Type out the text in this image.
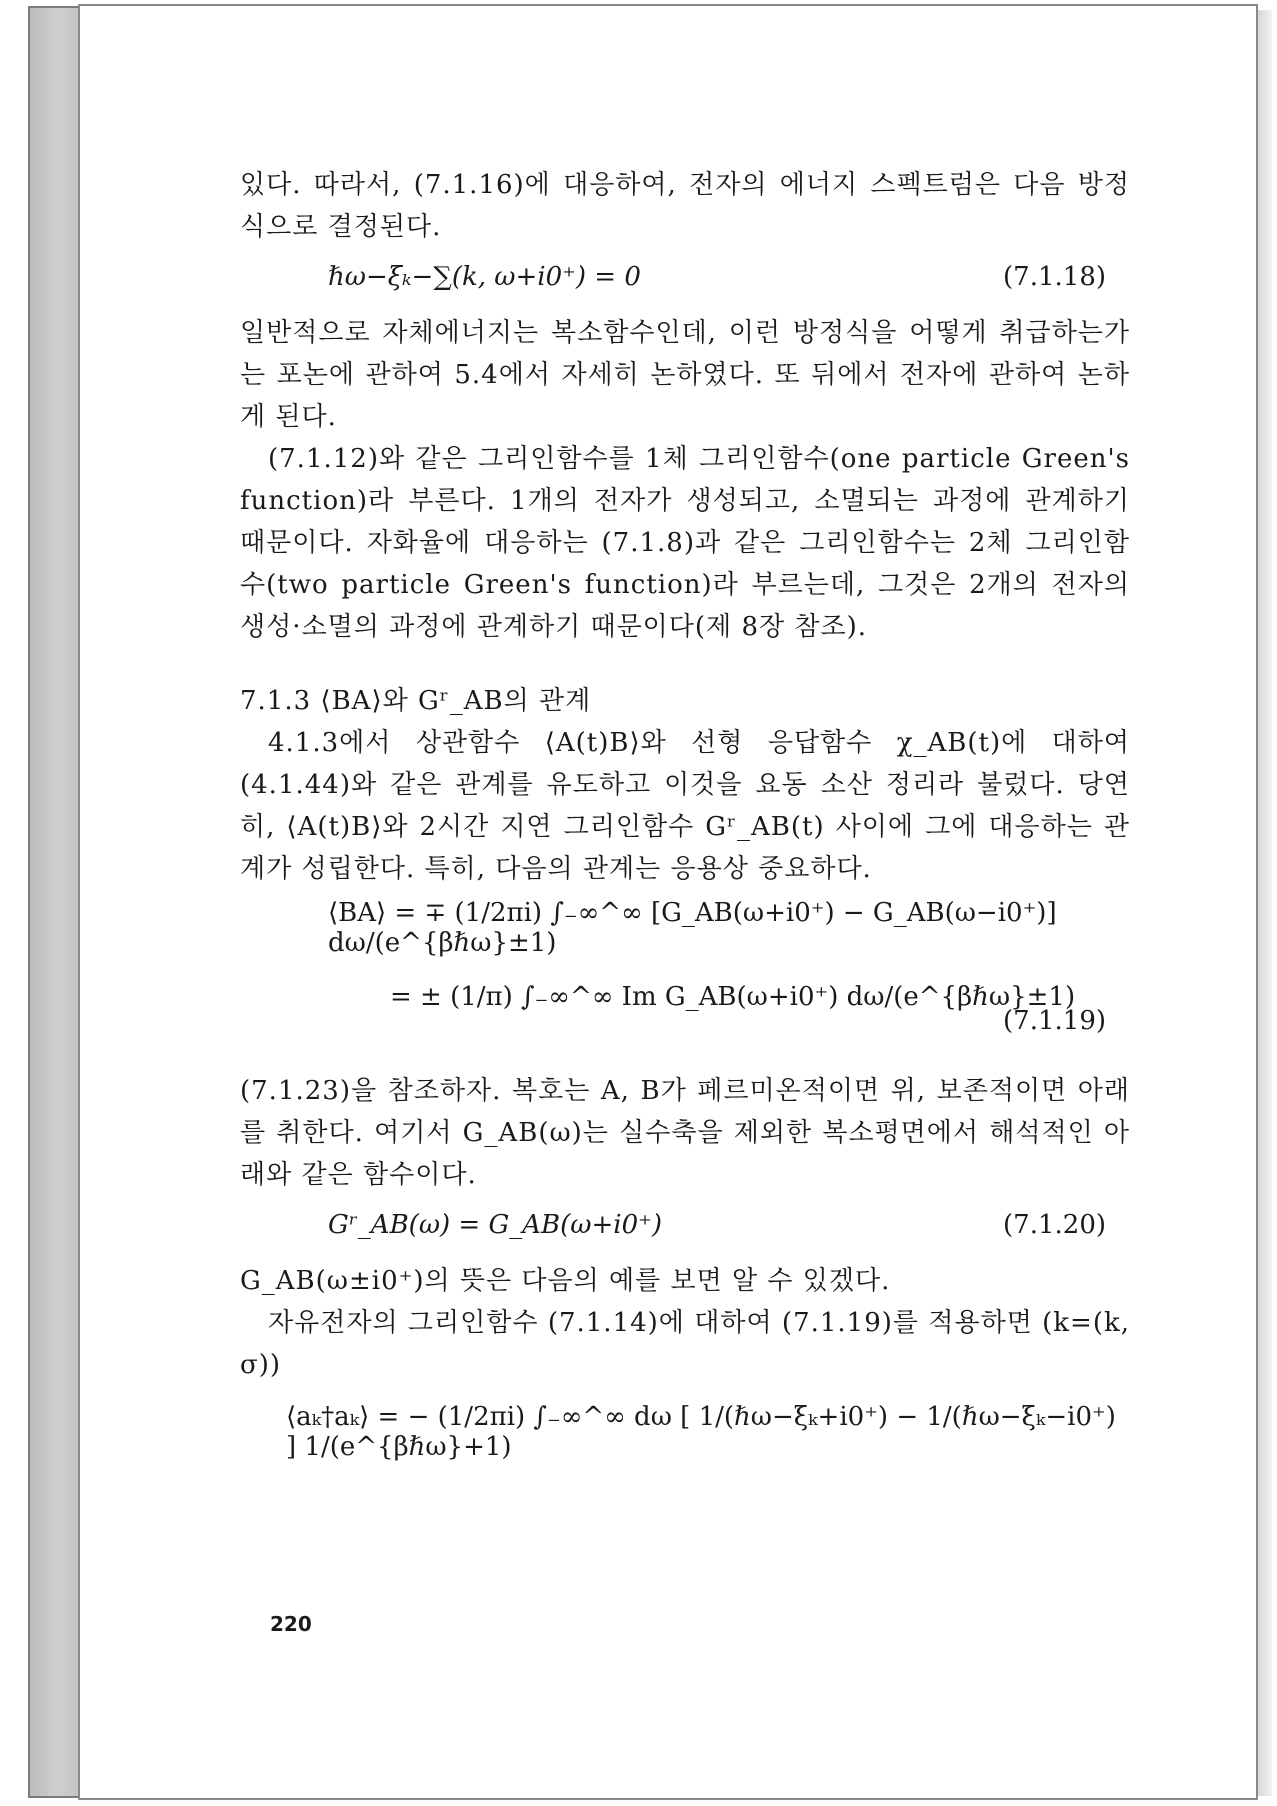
있다. 따라서, (7.1.16)에 대응하여, 전자의 에너지 스펙트럼은 다음 방정식으로 결정된다.

ℏω−ξₖ−∑(k, ω+i0⁺) = 0	(7.1.18)

일반적으로 자체에너지는 복소함수인데, 이런 방정식을 어떻게 취급하는가는 포논에 관하여 5.4에서 자세히 논하였다. 또 뒤에서 전자에 관하여 논하게 된다.

(7.1.12)와 같은 그리인함수를 1체 그리인함수(one particle Green's function)라 부른다. 1개의 전자가 생성되고, 소멸되는 과정에 관계하기 때문이다. 자화율에 대응하는 (7.1.8)과 같은 그리인함수는 2체 그리인함수(two particle Green's function)라 부르는데, 그것은 2개의 전자의 생성·소멸의 과정에 관계하기 때문이다(제 8장 참조).

7.1.3 ⟨BA⟩와 Gʳ_AB의 관계

4.1.3에서 상관함수 ⟨A(t)B⟩와 선형 응답함수 χ_AB(t)에 대하여 (4.1.44)와 같은 관계를 유도하고 이것을 요동 소산 정리라 불렀다. 당연히, ⟨A(t)B⟩와 2시간 지연 그리인함수 Gʳ_AB(t) 사이에 그에 대응하는 관계가 성립한다. 특히, 다음의 관계는 응용상 중요하다.

⟨BA⟩ = ∓ (1/2πi) ∫₋∞^∞ [G_AB(ω+i0⁺) − G_AB(ω−i0⁺)] dω/(e^{βℏω}±1)
= ± (1/π) ∫₋∞^∞ Im G_AB(ω+i0⁺) dω/(e^{βℏω}±1)
(7.1.19)

(7.1.23)을 참조하자. 복호는 A, B가 페르미온적이면 위, 보존적이면 아래를 취한다. 여기서 G_AB(ω)는 실수축을 제외한 복소평면에서 해석적인 아래와 같은 함수이다.

Gʳ_AB(ω) = G_AB(ω+i0⁺)	(7.1.20)

G_AB(ω±i0⁺)의 뜻은 다음의 예를 보면 알 수 있겠다.

자유전자의 그리인함수 (7.1.14)에 대하여 (7.1.19)를 적용하면 (k=(k, σ))

⟨aₖ†aₖ⟩ = − (1/2πi) ∫₋∞^∞ dω [ 1/(ℏω−ξₖ+i0⁺) − 1/(ℏω−ξₖ−i0⁺) ] 1/(e^{βℏω}+1)
220
